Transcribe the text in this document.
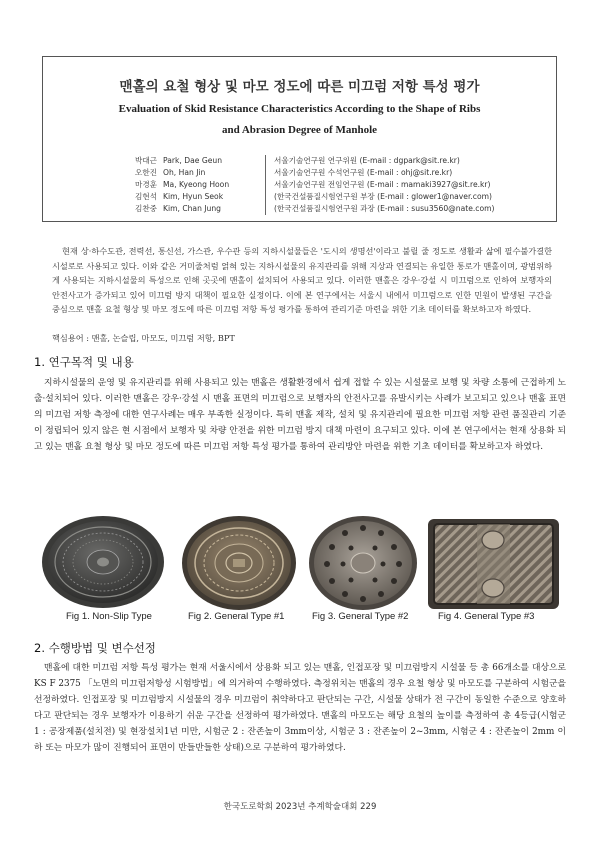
맨홀의 요철 형상 및 마모 정도에 따른 미끄럼 저항 특성 평가
Evaluation of Skid Resistance Characteristics According to the Shape of Ribs
and Abrasion Degree of Manhole
박대근 Park, Dae Geun	서울기술연구원 연구위원 (E-mail : dgpark@sit.re.kr)
오한진 Oh, Han Jin	서울기술연구원 수석연구원 (E-mail : ohj@sit.re.kr)
마경훈 Ma, Kyeong Hoon	서울기술연구원 전임연구원 (E-mail : mamaki3927@sit.re.kr)
김현석 Kim, Hyun Seok	(한국건설품질시험연구원 부장 (E-mail : glower1@naver.com)
김찬중 Kim, Chan Jung	(한국건설품질시험연구원 과장 (E-mail : susu3560@nate.com)
현재 상·하수도관, 전력선, 통신선, 가스관, 우수관 등의 지하시설물들은 '도시의 생명선'이라고 불릴 줄 정도로 생활과 삶에 필수불가결한 시설로로 사용되고 있다. 이와 같은 거미줄처럼 얽혀 있는 지하시설물의 유지관리를 위해 지상과 연결되는 유일한 통로가 맨홀이며, 광범위하게 사용되는 지하시설물의 특성으로 인해 곳곳에 맨홀이 설치되어 사용되고 있다. 이러한 맨홀은 강우·강설 시 미끄럼으로 인하여 보행자의 안전사고가 증가되고 있어 미끄럼 방지 대책이 필요한 실정이다. 이에 본 연구에서는 서울시 내에서 미끄럼으로 인한 민원이 발생된 구간을 중심으로 맨홀 요철 형상 및 마모 정도에 따른 미끄럼 저항 특성 평가를 통하여 관리기준 마련을 위한 기초 데이터를 확보하고자 하였다.
핵심용어 : 맨홀, 논슬립, 마모도, 미끄럼 저항, BPT
1. 연구목적 및 내용
지하시설물의 운영 및 유지관리를 위해 사용되고 있는 맨홀은 생활환경에서 쉽게 접할 수 있는 시설물로 보행 및 차량 소통에 근접하게 노출·설치되어 있다. 이러한 맨홀은 강우·강설 시 맨홀 표면의 미끄럼으로 보행자의 안전사고를 유발시키는 사례가 보고되고 있으나 맨홀 표면의 미끄럼 저항 측정에 대한 연구사례는 매우 부족한 실정이다. 특히 맨홀 제작, 설치 및 유지관리에 필요한 미끄럼 저항 관련 품질관리 기준이 정립되어 있지 않은 현 시점에서 보행자 및 차량 안전을 위한 미끄럼 방지 대책 마련이 요구되고 있다. 이에 본 연구에서는 현재 상용화 되고 있는 맨홀 요철 형상 및 마모 정도에 따른 미끄럼 저항 특성 평가를 통하여 관리방안 마련을 위한 기초 데이터를 확보하고자 하였다.
Fig 1. Non-Slip Type	Fig 2. General Type #1	Fig 3. General Type #2	Fig 4. General Type #3
2. 수행방법 및 변수선정
맨홀에 대한 미끄럼 저항 특성 평가는 현재 서울시에서 상용화 되고 있는 맨홀, 인접포장 및 미끄럼방지 시설물 등 총 66개소를 대상으로 KS F 2375 「노면의 미끄럼저항성 시험방법」에 의거하여 수행하였다. 측정위치는 맨홀의 경우 요철 형상 및 마모도를 구분하여 시험군을 선정하였다. 인접포장 및 미끄럼방지 시설물의 경우 미끄럼이 취약하다고 판단되는 구간, 시설물 상태가 전 구간이 동일한 수준으로 양호하다고 판단되는 경우 보행자가 이용하기 쉬운 구간을 선정하여 평가하였다. 맨홀의 마모도는 해당 요철의 높이를 측정하여 총 4등급(시험군 1 : 공장제품(설치전) 및 현장설치1년 미만, 시험군 2 : 잔존높이 3mm이상, 시험군 3 : 잔존높이 2~3mm, 시험군 4 : 잔존높이 2mm 이하 또는 마모가 많이 진행되어 표면이 반들반들한 상태)으로 구분하여 평가하였다.
한국도로학회 2023년 추계학술대회 229
